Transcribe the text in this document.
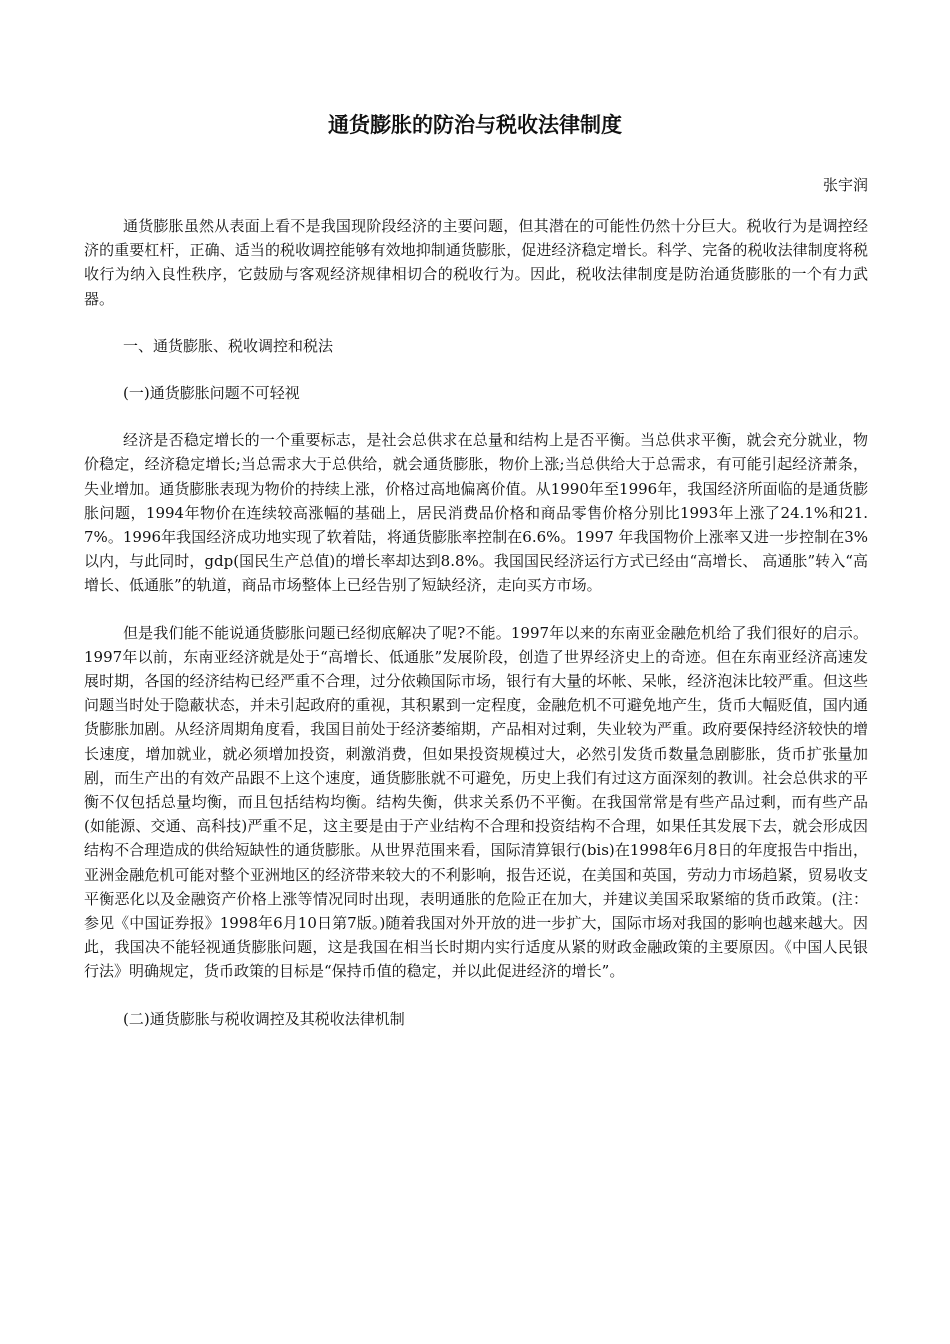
通货膨胀的防治与税收法律制度

张宇润

通货膨胀虽然从表面上看不是我国现阶段经济的主要问题，但其潜在的可能性仍然十分巨大。税收行为是调控经济的重要杠杆，正确、适当的税收调控能够有效地抑制通货膨胀，促进经济稳定增长。科学、完备的税收法律制度将税收行为纳入良性秩序，它鼓励与客观经济规律相切合的税收行为。因此，税收法律制度是防治通货膨胀的一个有力武器。

一、通货膨胀、税收调控和税法

(一)通货膨胀问题不可轻视

经济是否稳定增长的一个重要标志，是社会总供求在总量和结构上是否平衡。当总供求平衡，就会充分就业，物价稳定，经济稳定增长;当总需求大于总供给，就会通货膨胀，物价上涨;当总供给大于总需求，有可能引起经济萧条，失业增加。通货膨胀表现为物价的持续上涨，价格过高地偏离价值。从1990年至1996年，我国经济所面临的是通货膨胀问题，1994年物价在连续较高涨幅的基础上，居民消费品价格和商品零售价格分别比1993年上涨了24.1%和21.7%。1996年我国经济成功地实现了软着陆，将通货膨胀率控制在6.6%。1997 年我国物价上涨率又进一步控制在3%以内，与此同时，gdp(国民生产总值)的增长率却达到8.8%。我国国民经济运行方式已经由“高增长、 高通胀”转入“高增长、低通胀”的轨道，商品市场整体上已经告别了短缺经济，走向买方市场。

但是我们能不能说通货膨胀问题已经彻底解决了呢?不能。1997年以来的东南亚金融危机给了我们很好的启示。1997年以前，东南亚经济就是处于“高增长、低通胀”发展阶段，创造了世界经济史上的奇迹。但在东南亚经济高速发展时期，各国的经济结构已经严重不合理，过分依赖国际市场，银行有大量的坏帐、呆帐，经济泡沫比较严重。但这些问题当时处于隐蔽状态，并未引起政府的重视，其积累到一定程度，金融危机不可避免地产生，货币大幅贬值，国内通货膨胀加剧。从经济周期角度看，我国目前处于经济萎缩期，产品相对过剩，失业较为严重。政府要保持经济较快的增长速度，增加就业，就必须增加投资，刺激消费，但如果投资规模过大，必然引发货币数量急剧膨胀，货币扩张量加剧，而生产出的有效产品跟不上这个速度，通货膨胀就不可避免，历史上我们有过这方面深刻的教训。社会总供求的平衡不仅包括总量均衡，而且包括结构均衡。结构失衡，供求关系仍不平衡。在我国常常是有些产品过剩，而有些产品(如能源、交通、高科技)严重不足，这主要是由于产业结构不合理和投资结构不合理，如果任其发展下去，就会形成因结构不合理造成的供给短缺性的通货膨胀。从世界范围来看，国际清算银行(bis)在1998年6月8日的年度报告中指出， 亚洲金融危机可能对整个亚洲地区的经济带来较大的不利影响，报告还说，在美国和英国，劳动力市场趋紧，贸易收支平衡恶化以及金融资产价格上涨等情况同时出现，表明通胀的危险正在加大，并建议美国采取紧缩的货币政策。(注：参见《中国证券报》1998年6月10日第7版。)随着我国对外开放的进一步扩大，国际市场对我国的影响也越来越大。因此，我国决不能轻视通货膨胀问题，这是我国在相当长时期内实行适度从紧的财政金融政策的主要原因。《中国人民银行法》明确规定，货币政策的目标是“保持币值的稳定，并以此促进经济的增长”。

(二)通货膨胀与税收调控及其税收法律机制
